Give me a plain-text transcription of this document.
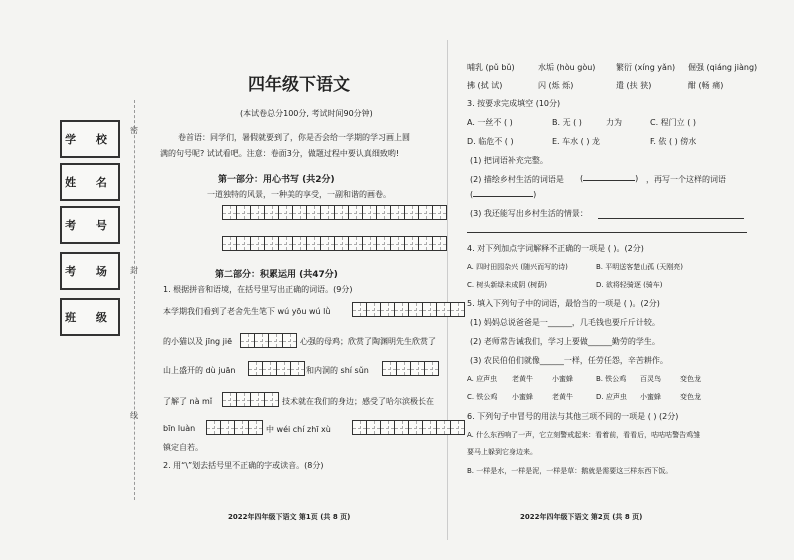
学 校
姓 名
考 号
考 场
班 级
密
封
线
四年级下语文
(本试卷总分100分, 考试时间90分钟)
卷首语：同学们，暑假就要到了，你是否会给一学期的学习画上圆
满的句号呢? 试试看吧。注意：卷面3分，做题过程中要认真细致哟!
第一部分：用心书写 (共2分)
一道独特的风景，一种美的享受，一副和谐的画卷。
第二部分：积累运用 (共47分)
1. 根据拼音和语境，在括号里写出正确的词语。(9分)
本学期我们看到了老舍先生笔下 wú yōu wú lǜ
的小猫以及 jīng jiē	心强的母鸡；欣赏了陶渊明先生欣赏了
山上盛开的 dù juān	和内洞的 shí sǔn
了解了 nà mǐ	技术就在我们的身边；感受了哈尔滨极长在
bīn luàn	中 wéi chí zhī xù
镇定自若。
2. 用“\”划去括号里不正确的字或读音。(8分)
2022年四年级下语文 第1页 (共 8 页)
哺乳 (pǔ bǔ)	水垢 (hòu gòu)	繁衍 (xíng yǎn) 倔强 (qiáng jiàng)
拂 (拭 试)	闪 (烁 烁)	遣 (扶 狭)	酣 (畅 痛)
3. 按要求完成填空 (10分)
A. 一丝不 ( )	B. 无 ( )	力为	C. 程门立 ( )
D. 临危不 ( )	E. 车水 ( ) 龙	F. 依 ( ) 傍水
(1) 把词语补充完整。
(2) 描绘乡村生活的词语是 (	) ，再写一个这样的词语
(	)
(3) 我还能写出乡村生活的情景：
4. 对下列加点字词解释不正确的一项是 ( )。(2分)
A. 四时田园杂兴 (随兴而写的诗)	B. 平明送客楚山孤 (天刚亮)
C. 树头新绿未成阴 (树荫)	D. 欲将轻骑逐 (骑车)
5. 填入下列句子中的词语，最恰当的一项是 ( )。(2分)
(1) 妈妈总说爸爸是一______，几毛钱也要斤斤计较。
(2) 老师常告诫我们，学习上要做______勤劳的学生。
(3) 农民伯伯们就像______一样，任劳任怨，辛苦耕作。
A. 应声虫 老黄牛	小蜜蜂	B. 铁公鸡 百灵鸟	变色龙
C. 铁公鸡 小蜜蜂	老黄牛	D. 应声虫 小蜜蜂	变色龙
6. 下列句子中冒号的用法与其他三项不同的一项是 ( ) (2分)
A. 什么东西响了一声，它立刻警戒起来：看着前，看看后，咕咕咕警告鸡雏
要马上躲到它身边来。
B. 一样是水，一样是泥，一样是草：鹅就是需要这三样东西下饭。
2022年四年级下语文 第2页 (共 8 页)
